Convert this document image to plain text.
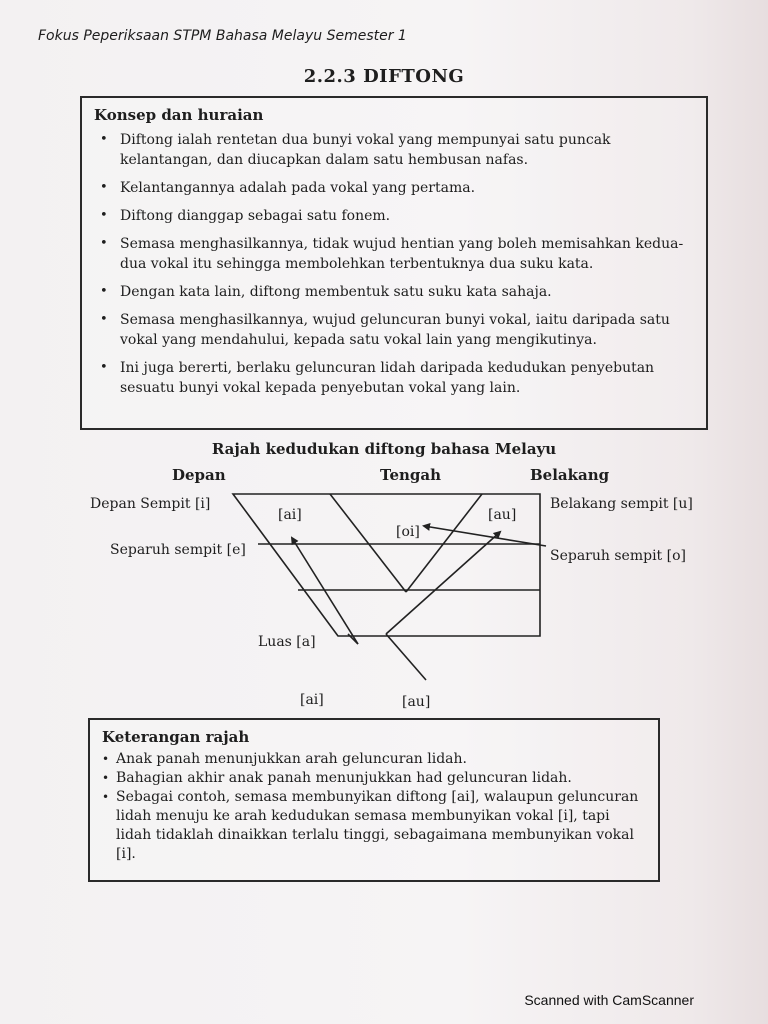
Fokus Peperiksaan STPM Bahasa Melayu Semester 1
2.2.3 DIFTONG
Konsep dan huraian
• Diftong ialah rentetan dua bunyi vokal yang mempunyai satu puncak kelantangan, dan diucapkan dalam satu hembusan nafas.
• Kelantangannya adalah pada vokal yang pertama.
• Diftong dianggap sebagai satu fonem.
• Semasa menghasilkannya, tidak wujud hentian yang boleh memisahkan kedua-dua vokal itu sehingga membolehkan terbentuknya dua suku kata.
• Dengan kata lain, diftong membentuk satu suku kata sahaja.
• Semasa menghasilkannya, wujud geluncuran bunyi vokal, iaitu daripada satu vokal yang mendahului, kepada satu vokal lain yang mengikutinya.
• Ini juga bererti, berlaku geluncuran lidah daripada kedudukan penyebutan sesuatu bunyi vokal kepada penyebutan vokal yang lain.
Rajah kedudukan diftong bahasa Melayu
Depan	Tengah	Belakang
Depan Sempit [i]
Separuh sempit [e]
Luas [a]
Belakang sempit [u]
Separuh sempit [o]
[ai]	[au]
[oi]
[ai]	[au]
Keterangan rajah
• Anak panah menunjukkan arah geluncuran lidah.
• Bahagian akhir anak panah menunjukkan had geluncuran lidah.
• Sebagai contoh, semasa membunyikan diftong [ai], walaupun geluncuran lidah menuju ke arah kedudukan semasa membunyikan vokal [i], tapi lidah tidaklah dinaikkan terlalu tinggi, sebagaimana membunyikan vokal [i].
Scanned with CamScanner
